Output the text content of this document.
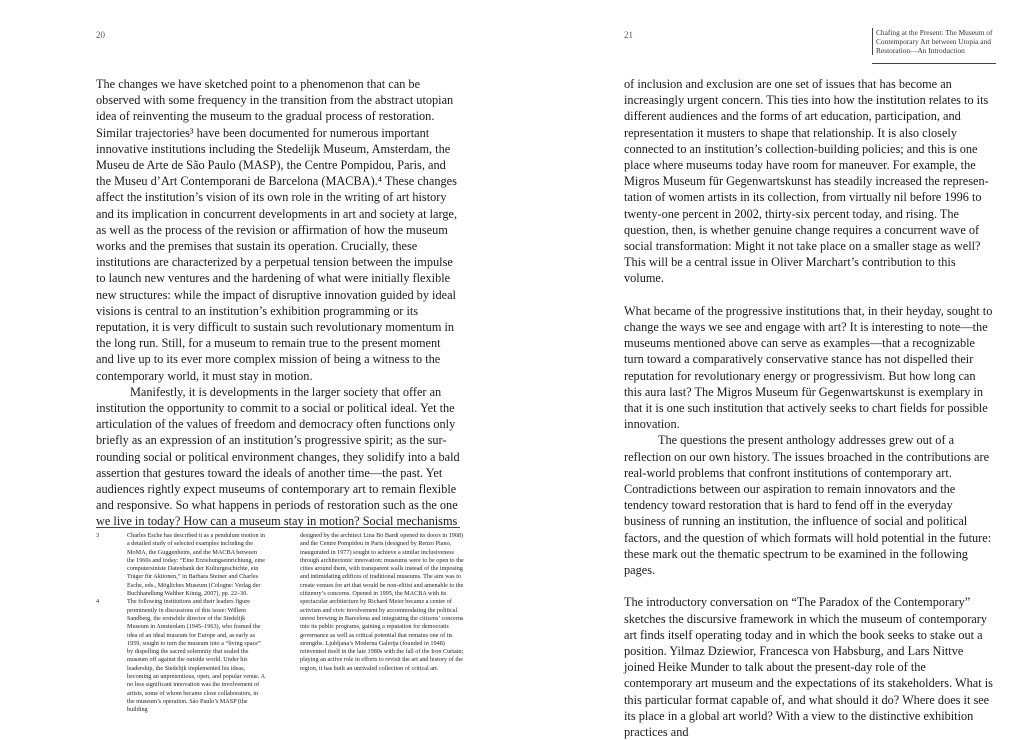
20

The changes we have sketched point to a phenomenon that can be observed with some frequency in the transition from the abstract utopian idea of reinventing the museum to the gradual process of restoration. Similar trajectories³ have been documented for numerous important innovative institutions including the Stedelijk Museum, Amsterdam, the Museu de Arte de São Paulo (MASP), the Centre Pompidou, Paris, and the Museu d’Art Contemporani de Barcelona (MACBA).⁴ These changes affect the institution’s vision of its own role in the writing of art history and its implication in concurrent developments in art and society at large, as well as the process of the revision or affirmation of how the museum works and the premises that sustain its operation. Crucially, these institutions are characterized by a perpetual tension between the impulse to launch new ventures and the hardening of what were initially flexible new structures: while the impact of disruptive innovation guided by ideal visions is central to an institution’s exhibition programming or its reputation, it is very difficult to sustain such revolutionary momentum in the long run. Still, for a museum to remain true to the present moment and live up to its ever more complex mission of being a witness to the contemporary world, it must stay in motion.

Manifestly, it is developments in the larger society that offer an institution the opportunity to commit to a social or political ideal. Yet the articulation of the values of freedom and democracy often functions only briefly as an expression of an institution’s progressive spirit; as the sur-rounding social or political environment changes, they solidify into a bald assertion that gestures toward the ideals of another time—the past. Yet audiences rightly expect museums of contemporary art to remain flexible and responsive. So what happens in periods of restoration such as the one we live in today? How can a museum stay in motion? Social mechanisms

3	Charles Esche has described it as a pendulum motion in a detailed study of selected examples including the MoMA, the Guggenheim, and the MACBA between the 1960s and today: “Eine Erziehungseinrichtung, eine computersiniste Datenbank der Kulturgeschichte, ein Träger für Aktionen,” in Barbara Steiner and Charles Esche, eds., Mögliches Museum (Cologne: Verlag der Buchhandlung Walther König, 2007), pp. 22–30.
4	The following institutions and their leaders figure prominently in discussions of this issue: Willem Sandberg, the erstwhile director of the Stedelijk Museum in Amsterdam (1945–1963), who framed the idea of an ideal museum for Europe and, as early as 1959, sought to turn the museum into a “living space” by dispelling the sacred solemnity that sealed the museum off against the outside world. Under his leadership, the Stedelijk implemented his ideas, becoming an unpretentious, open, and popular venue. A no less significant innovation was the involvement of artists, some of whom became close collaborators, in the museum’s operation. São Paulo’s MASP (the building
designed by the architect Lina Bo Bardi opened its doors in 1968) and the Centre Pompidou in Paris (designed by Renzo Piano, inaugurated in 1977) sought to achieve a similar inclusiveness through architectonic innovation: museums were to be open to the cities around them, with transparent walls instead of the imposing and intimidating edifices of traditional museums. The aim was to create venues for art that would be non-elitist and amenable to the citizenry’s concerns. Opened in 1995, the MACBA with its spectacular architecture by Richard Meier became a center of activism and civic involvement by accommodating the political unrest brewing in Barcelona and integrating the citizens’ concerns into its public programs, gaining a reputation for democratic governance as well as critical potential that remains one of its strengths. Ljubljana’s Moderna Galerija (founded in 1948) reinvented itself in the late 1980s with the fall of the Iron Curtain; playing an active role in efforts to revisit the art and history of the region, it has built an unrivaled collection of critical art.
21	Chafing at the Present: The Museum of Contemporary Art between Utopia and Restoration—An Introduction

of inclusion and exclusion are one set of issues that has become an increasingly urgent concern. This ties into how the institution relates to its different audiences and the forms of art education, participation, and representation it musters to shape that relationship. It is also closely connected to an institution’s collection-building policies; and this is one place where museums today have room for maneuver. For example, the Migros Museum für Gegenwartskunst has steadily increased the represen-tation of women artists in its collection, from virtually nil before 1996 to twenty-one percent in 2002, thirty-six percent today, and rising. The question, then, is whether genuine change requires a concurrent wave of social transformation: Might it not take place on a smaller stage as well? This will be a central issue in Oliver Marchart’s contribution to this volume.

What became of the progressive institutions that, in their heyday, sought to change the ways we see and engage with art? It is interesting to note—the museums mentioned above can serve as examples—that a recognizable turn toward a comparatively conservative stance has not dispelled their reputation for revolutionary energy or progressivism. But how long can this aura last? The Migros Museum für Gegenwartskunst is exemplary in that it is one such institution that actively seeks to chart fields for possible innovation.

The questions the present anthology addresses grew out of a reflection on our own history. The issues broached in the contributions are real-world problems that confront institutions of contemporary art. Contradictions between our aspiration to remain innovators and the tendency toward restoration that is hard to fend off in the everyday business of running an institution, the influence of social and political factors, and the question of which formats will hold potential in the future: these mark out the thematic spectrum to be examined in the following pages.

The introductory conversation on “The Paradox of the Contemporary” sketches the discursive framework in which the museum of contemporary art finds itself operating today and in which the book seeks to stake out a position. Yilmaz Dziewior, Francesca von Habsburg, and Lars Nittve joined Heike Munder to talk about the present-day role of the contemporary art museum and the expectations of its stakeholders. What is this particular format capable of, and what should it do? Where does it see its place in a global art world? With a view to the distinctive exhibition practices and
